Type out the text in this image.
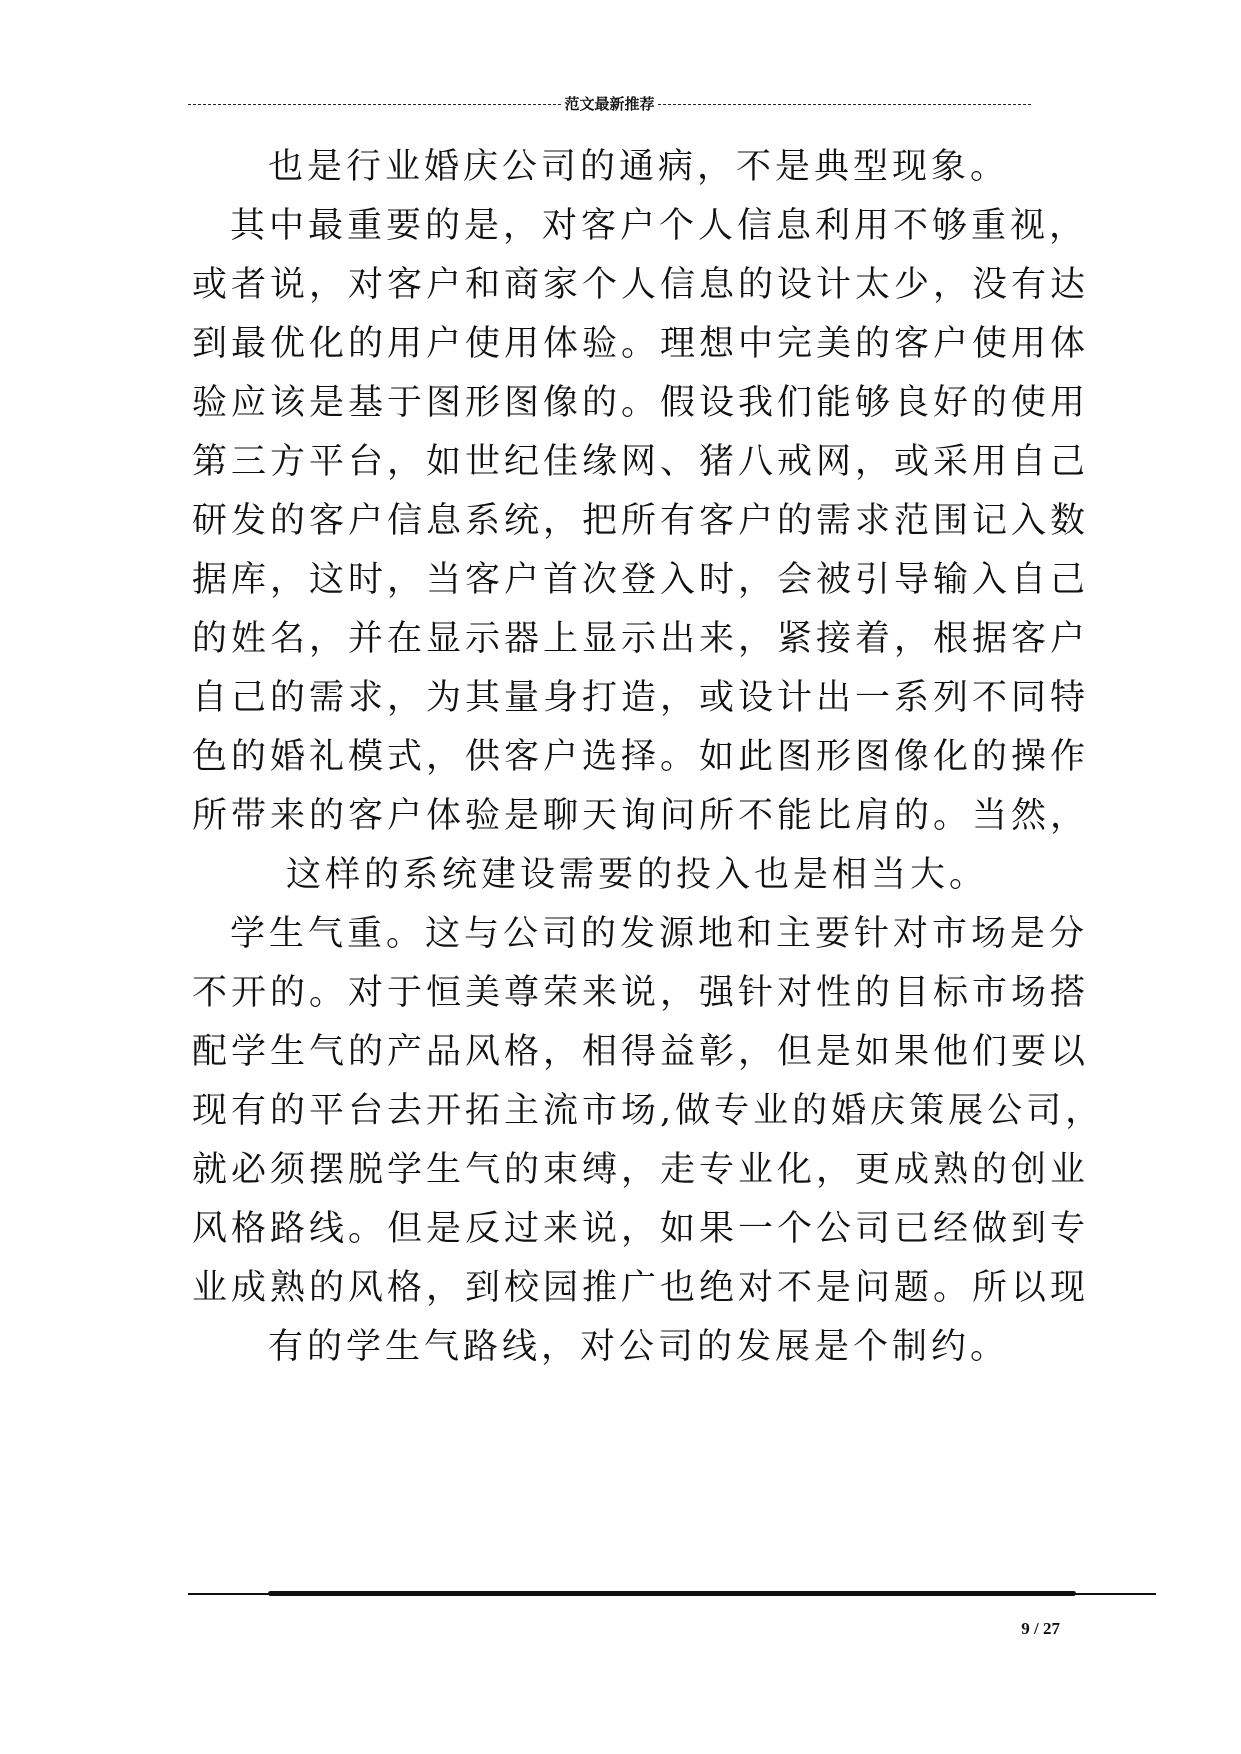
范文最新推荐
也是行业婚庆公司的通病，不是典型现象。
其中最重要的是，对客户个人信息利用不够重视，
或者说，对客户和商家个人信息的设计太少，没有达
到最优化的用户使用体验。理想中完美的客户使用体
验应该是基于图形图像的。假设我们能够良好的使用
第三方平台，如世纪佳缘网、猪八戒网，或采用自己
研发的客户信息系统，把所有客户的需求范围记入数
据库，这时，当客户首次登入时，会被引导输入自己
的姓名，并在显示器上显示出来，紧接着，根据客户
自己的需求，为其量身打造，或设计出一系列不同特
色的婚礼模式，供客户选择。如此图形图像化的操作
所带来的客户体验是聊天询问所不能比肩的。当然，
这样的系统建设需要的投入也是相当大。
学生气重。这与公司的发源地和主要针对市场是分
不开的。对于恒美尊荣来说，强针对性的目标市场搭
配学生气的产品风格，相得益彰，但是如果他们要以
现有的平台去开拓主流市场,做专业的婚庆策展公司，
就必须摆脱学生气的束缚，走专业化，更成熟的创业
风格路线。但是反过来说，如果一个公司已经做到专
业成熟的风格，到校园推广也绝对不是问题。所以现
有的学生气路线，对公司的发展是个制约。
9 / 27
